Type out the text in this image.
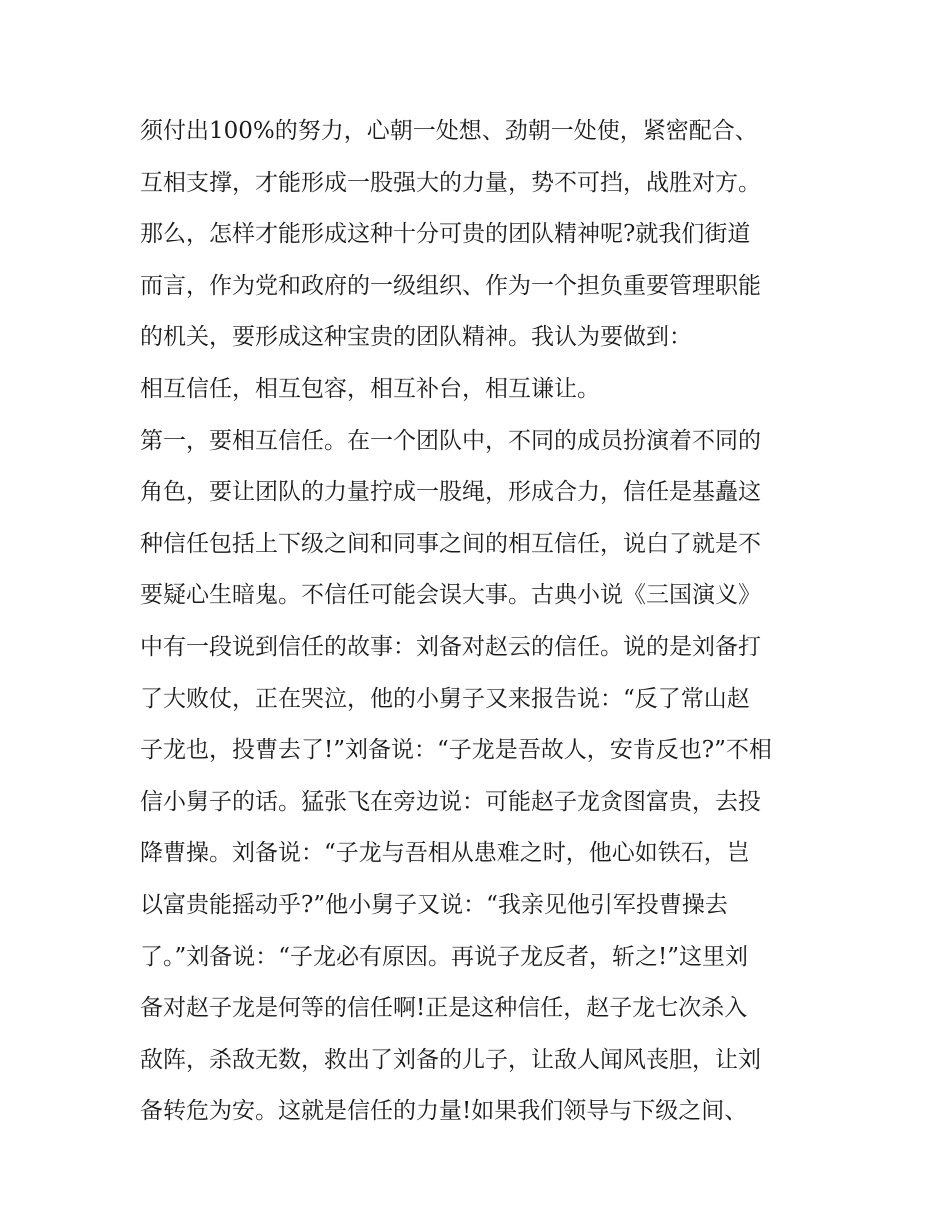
须付出100%的努力，心朝一处想、劲朝一处使，紧密配合、
互相支撑，才能形成一股强大的力量，势不可挡，战胜对方。
那么，怎样才能形成这种十分可贵的团队精神呢?就我们街道
而言，作为党和政府的一级组织、作为一个担负重要管理职能
的机关，要形成这种宝贵的团队精神。我认为要做到：
相互信任，相互包容，相互补台，相互谦让。
第一，要相互信任。在一个团队中，不同的成员扮演着不同的
角色，要让团队的力量拧成一股绳，形成合力，信任是基矗这
种信任包括上下级之间和同事之间的相互信任，说白了就是不
要疑心生暗鬼。不信任可能会误大事。古典小说《三国演义》
中有一段说到信任的故事：刘备对赵云的信任。说的是刘备打
了大败仗，正在哭泣，他的小舅子又来报告说：“反了常山赵
子龙也，投曹去了!”刘备说：“子龙是吾故人，安肯反也?”不相
信小舅子的话。猛张飞在旁边说：可能赵子龙贪图富贵，去投
降曹操。刘备说：“子龙与吾相从患难之时，他心如铁石，岂
以富贵能摇动乎?”他小舅子又说：“我亲见他引军投曹操去
了。”刘备说：“子龙必有原因。再说子龙反者，斩之!”这里刘
备对赵子龙是何等的信任啊!正是这种信任，赵子龙七次杀入
敌阵，杀敌无数，救出了刘备的儿子，让敌人闻风丧胆，让刘
备转危为安。这就是信任的力量!如果我们领导与下级之间、
